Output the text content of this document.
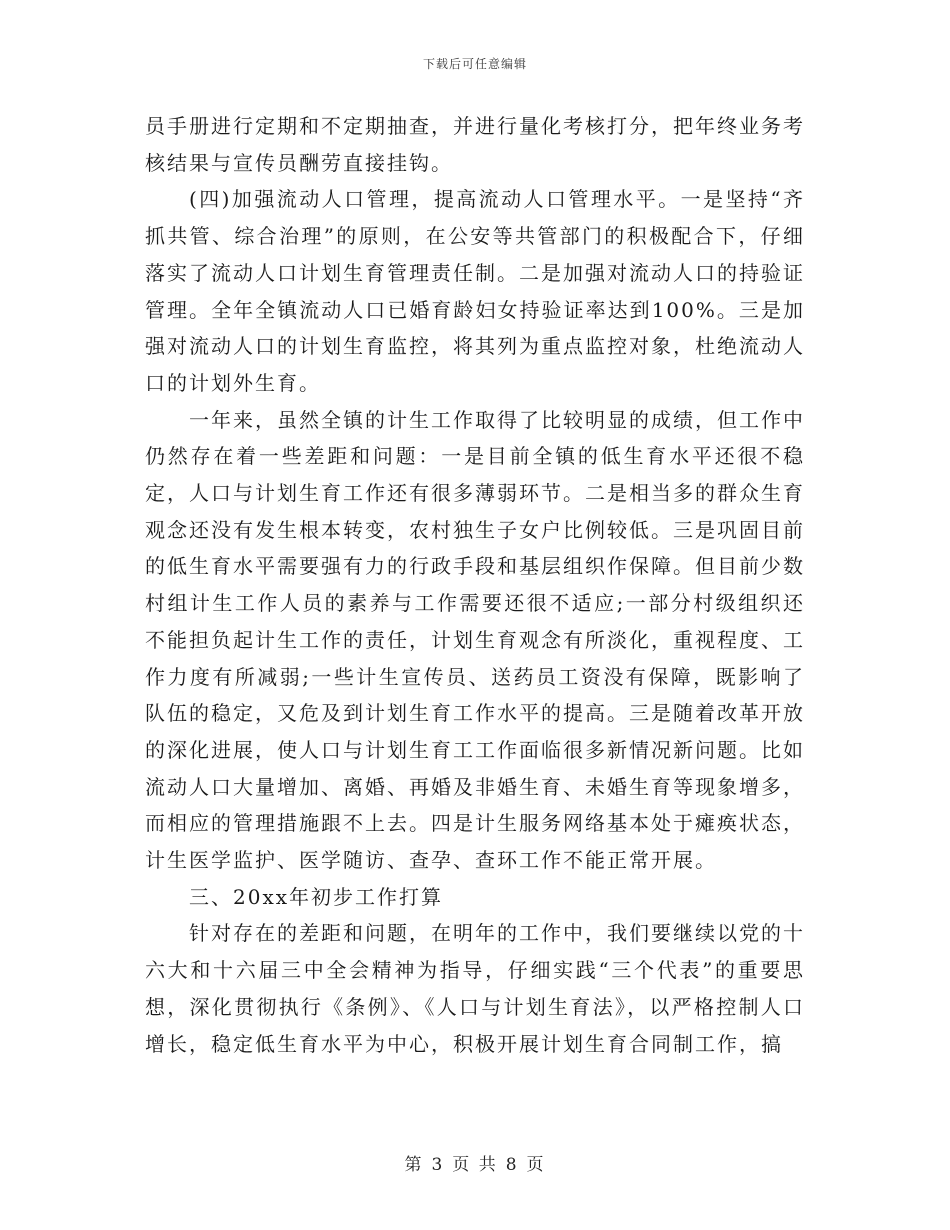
下载后可任意编辑

员手册进行定期和不定期抽查，并进行量化考核打分，把年终业务考核结果与宣传员酬劳直接挂钩。

(四)加强流动人口管理，提高流动人口管理水平。一是坚持“齐抓共管、综合治理”的原则，在公安等共管部门的积极配合下，仔细落实了流动人口计划生育管理责任制。二是加强对流动人口的持验证管理。全年全镇流动人口已婚育龄妇女持验证率达到100%。三是加强对流动人口的计划生育监控，将其列为重点监控对象，杜绝流动人口的计划外生育。

一年来，虽然全镇的计生工作取得了比较明显的成绩，但工作中仍然存在着一些差距和问题：一是目前全镇的低生育水平还很不稳定，人口与计划生育工作还有很多薄弱环节。二是相当多的群众生育观念还没有发生根本转变，农村独生子女户比例较低。三是巩固目前的低生育水平需要强有力的行政手段和基层组织作保障。但目前少数村组计生工作人员的素养与工作需要还很不适应;一部分村级组织还不能担负起计生工作的责任，计划生育观念有所淡化，重视程度、工作力度有所减弱;一些计生宣传员、送药员工资没有保障，既影响了队伍的稳定，又危及到计划生育工作水平的提高。三是随着改革开放的深化进展，使人口与计划生育工工作面临很多新情况新问题。比如流动人口大量增加、离婚、再婚及非婚生育、未婚生育等现象增多，而相应的管理措施跟不上去。四是计生服务网络基本处于瘫痪状态，计生医学监护、医学随访、查孕、查环工作不能正常开展。

三、20xx年初步工作打算

针对存在的差距和问题，在明年的工作中，我们要继续以党的十六大和十六届三中全会精神为指导，仔细实践“三个代表”的重要思想，深化贯彻执行《条例》、《人口与计划生育法》，以严格控制人口增长，稳定低生育水平为中心，积极开展计划生育合同制工作，搞

第 3 页 共 8 页
